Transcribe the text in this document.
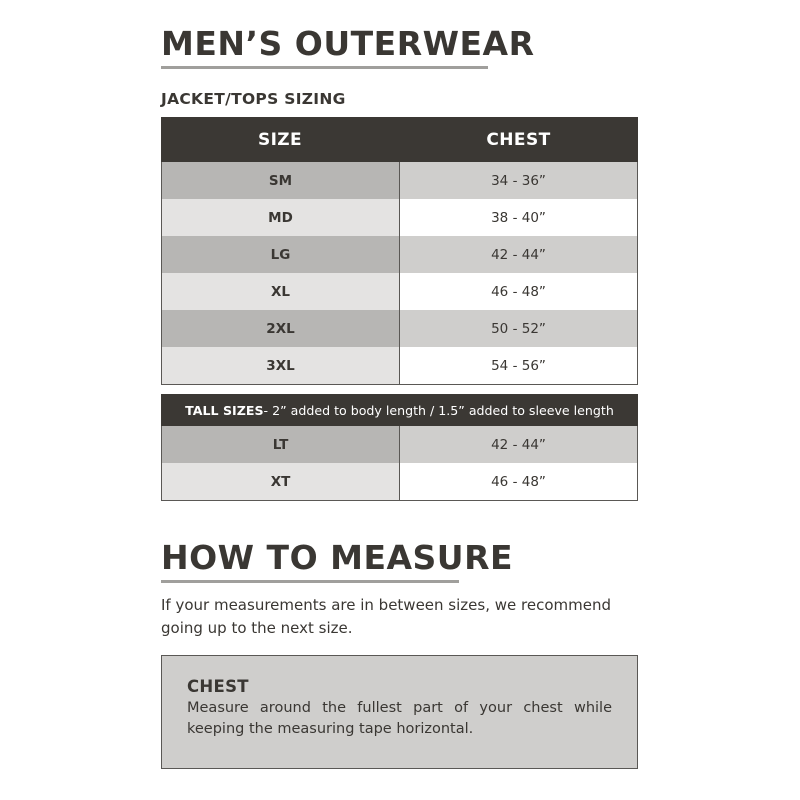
MEN’S OUTERWEAR
JACKET/TOPS SIZING
SIZE	CHEST
SM	34 - 36”
MD	38 - 40”
LG	42 - 44”
XL	46 - 48”
2XL	50 - 52”
3XL	54 - 56”
TALL SIZES - 2” added to body length / 1.5” added to sleeve length
LT	42 - 44”
XT	46 - 48”
HOW TO MEASURE
If your measurements are in between sizes, we recommend going up to the next size.
CHEST
Measure around the fullest part of your chest while keeping the measuring tape horizontal.
